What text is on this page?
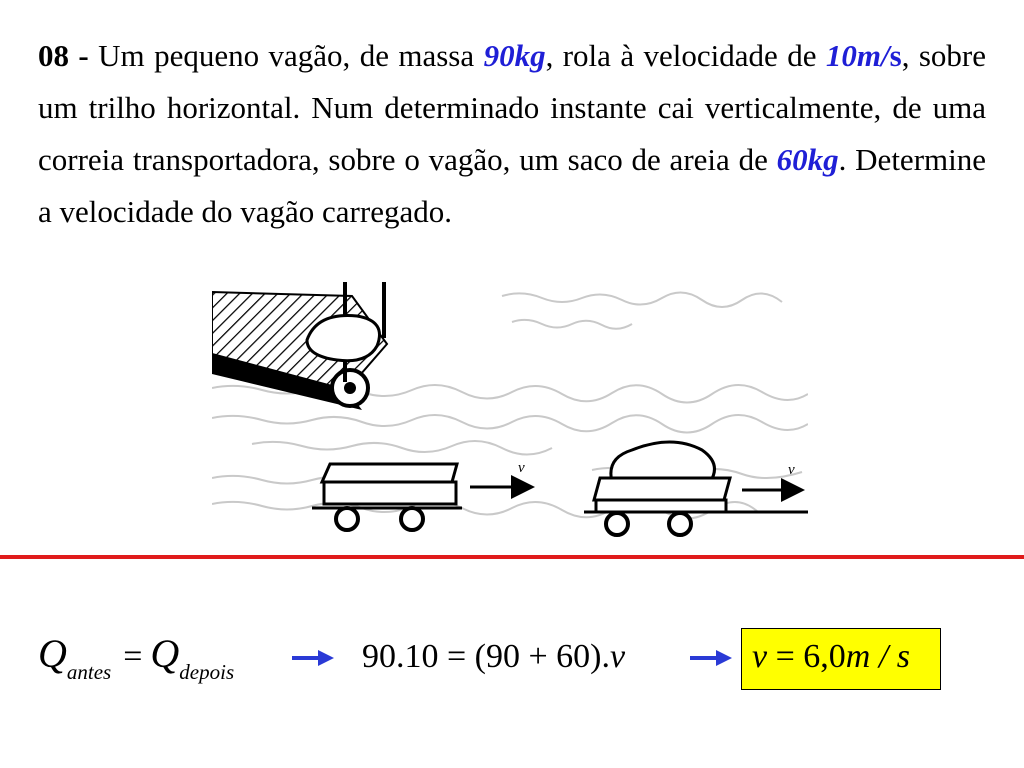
08 - Um pequeno vagão, de massa 90kg, rola à velocidade de 10m/s, sobre um trilho horizontal. Num determinado instante cai verticalmente, de uma correia transportadora, sobre o vagão, um saco de areia de 60kg. Determine a velocidade do vagão carregado.

v	v
$Q_{antes} = Q_{depois}$	90.10 = (90 + 60).v	v = 6,0m / s
